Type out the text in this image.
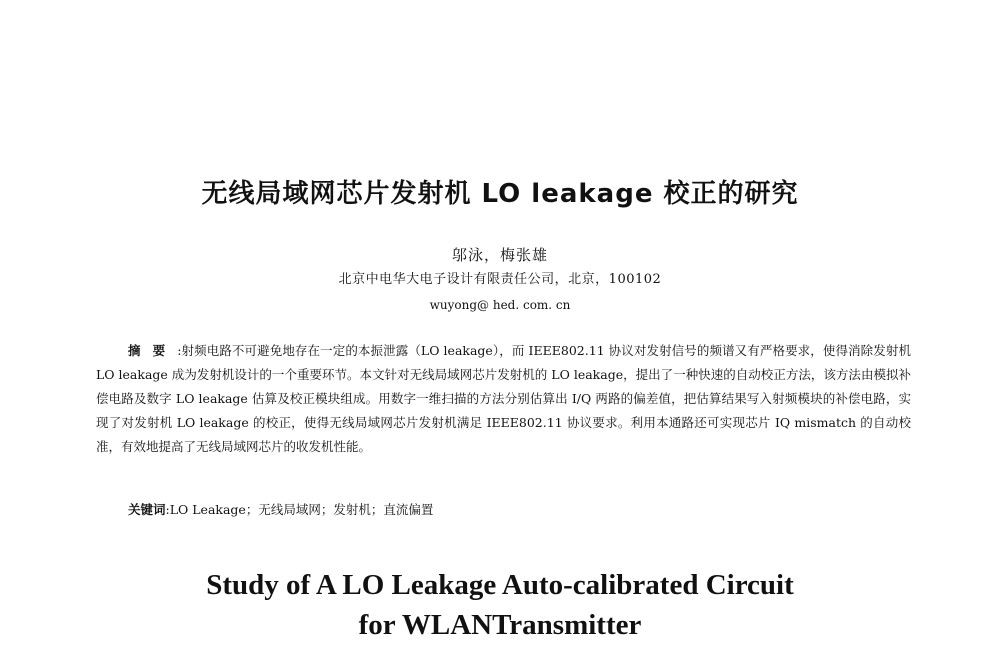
无线局域网芯片发射机 LO leakage 校正的研究
邬泳，梅张雄
北京中电华大电子设计有限责任公司，北京，100102
wuyong@ hed. com. cn
摘要:射频电路不可避免地存在一定的本振泄露（LO leakage），而 IEEE802.11 协议对发射信号的频谱又有严格要求，使得消除发射机 LO leakage 成为发射机设计的一个重要环节。本文针对无线局域网芯片发射机的 LO leakage，提出了一种快速的自动校正方法，该方法由模拟补偿电路及数字 LO leakage 估算及校正模块组成。用数字一维扫描的方法分别估算出 I/Q 两路的偏差值，把估算结果写入射频模块的补偿电路，实现了对发射机 LO leakage 的校正，使得无线局域网芯片发射机满足 IEEE802.11 协议要求。利用本通路还可实现芯片 IQ mismatch 的自动校准，有效地提高了无线局域网芯片的收发机性能。
关键词:LO Leakage；无线局域网；发射机；直流偏置
Study of A LO Leakage Auto-calibrated Circuit
for WLANTransmitter
